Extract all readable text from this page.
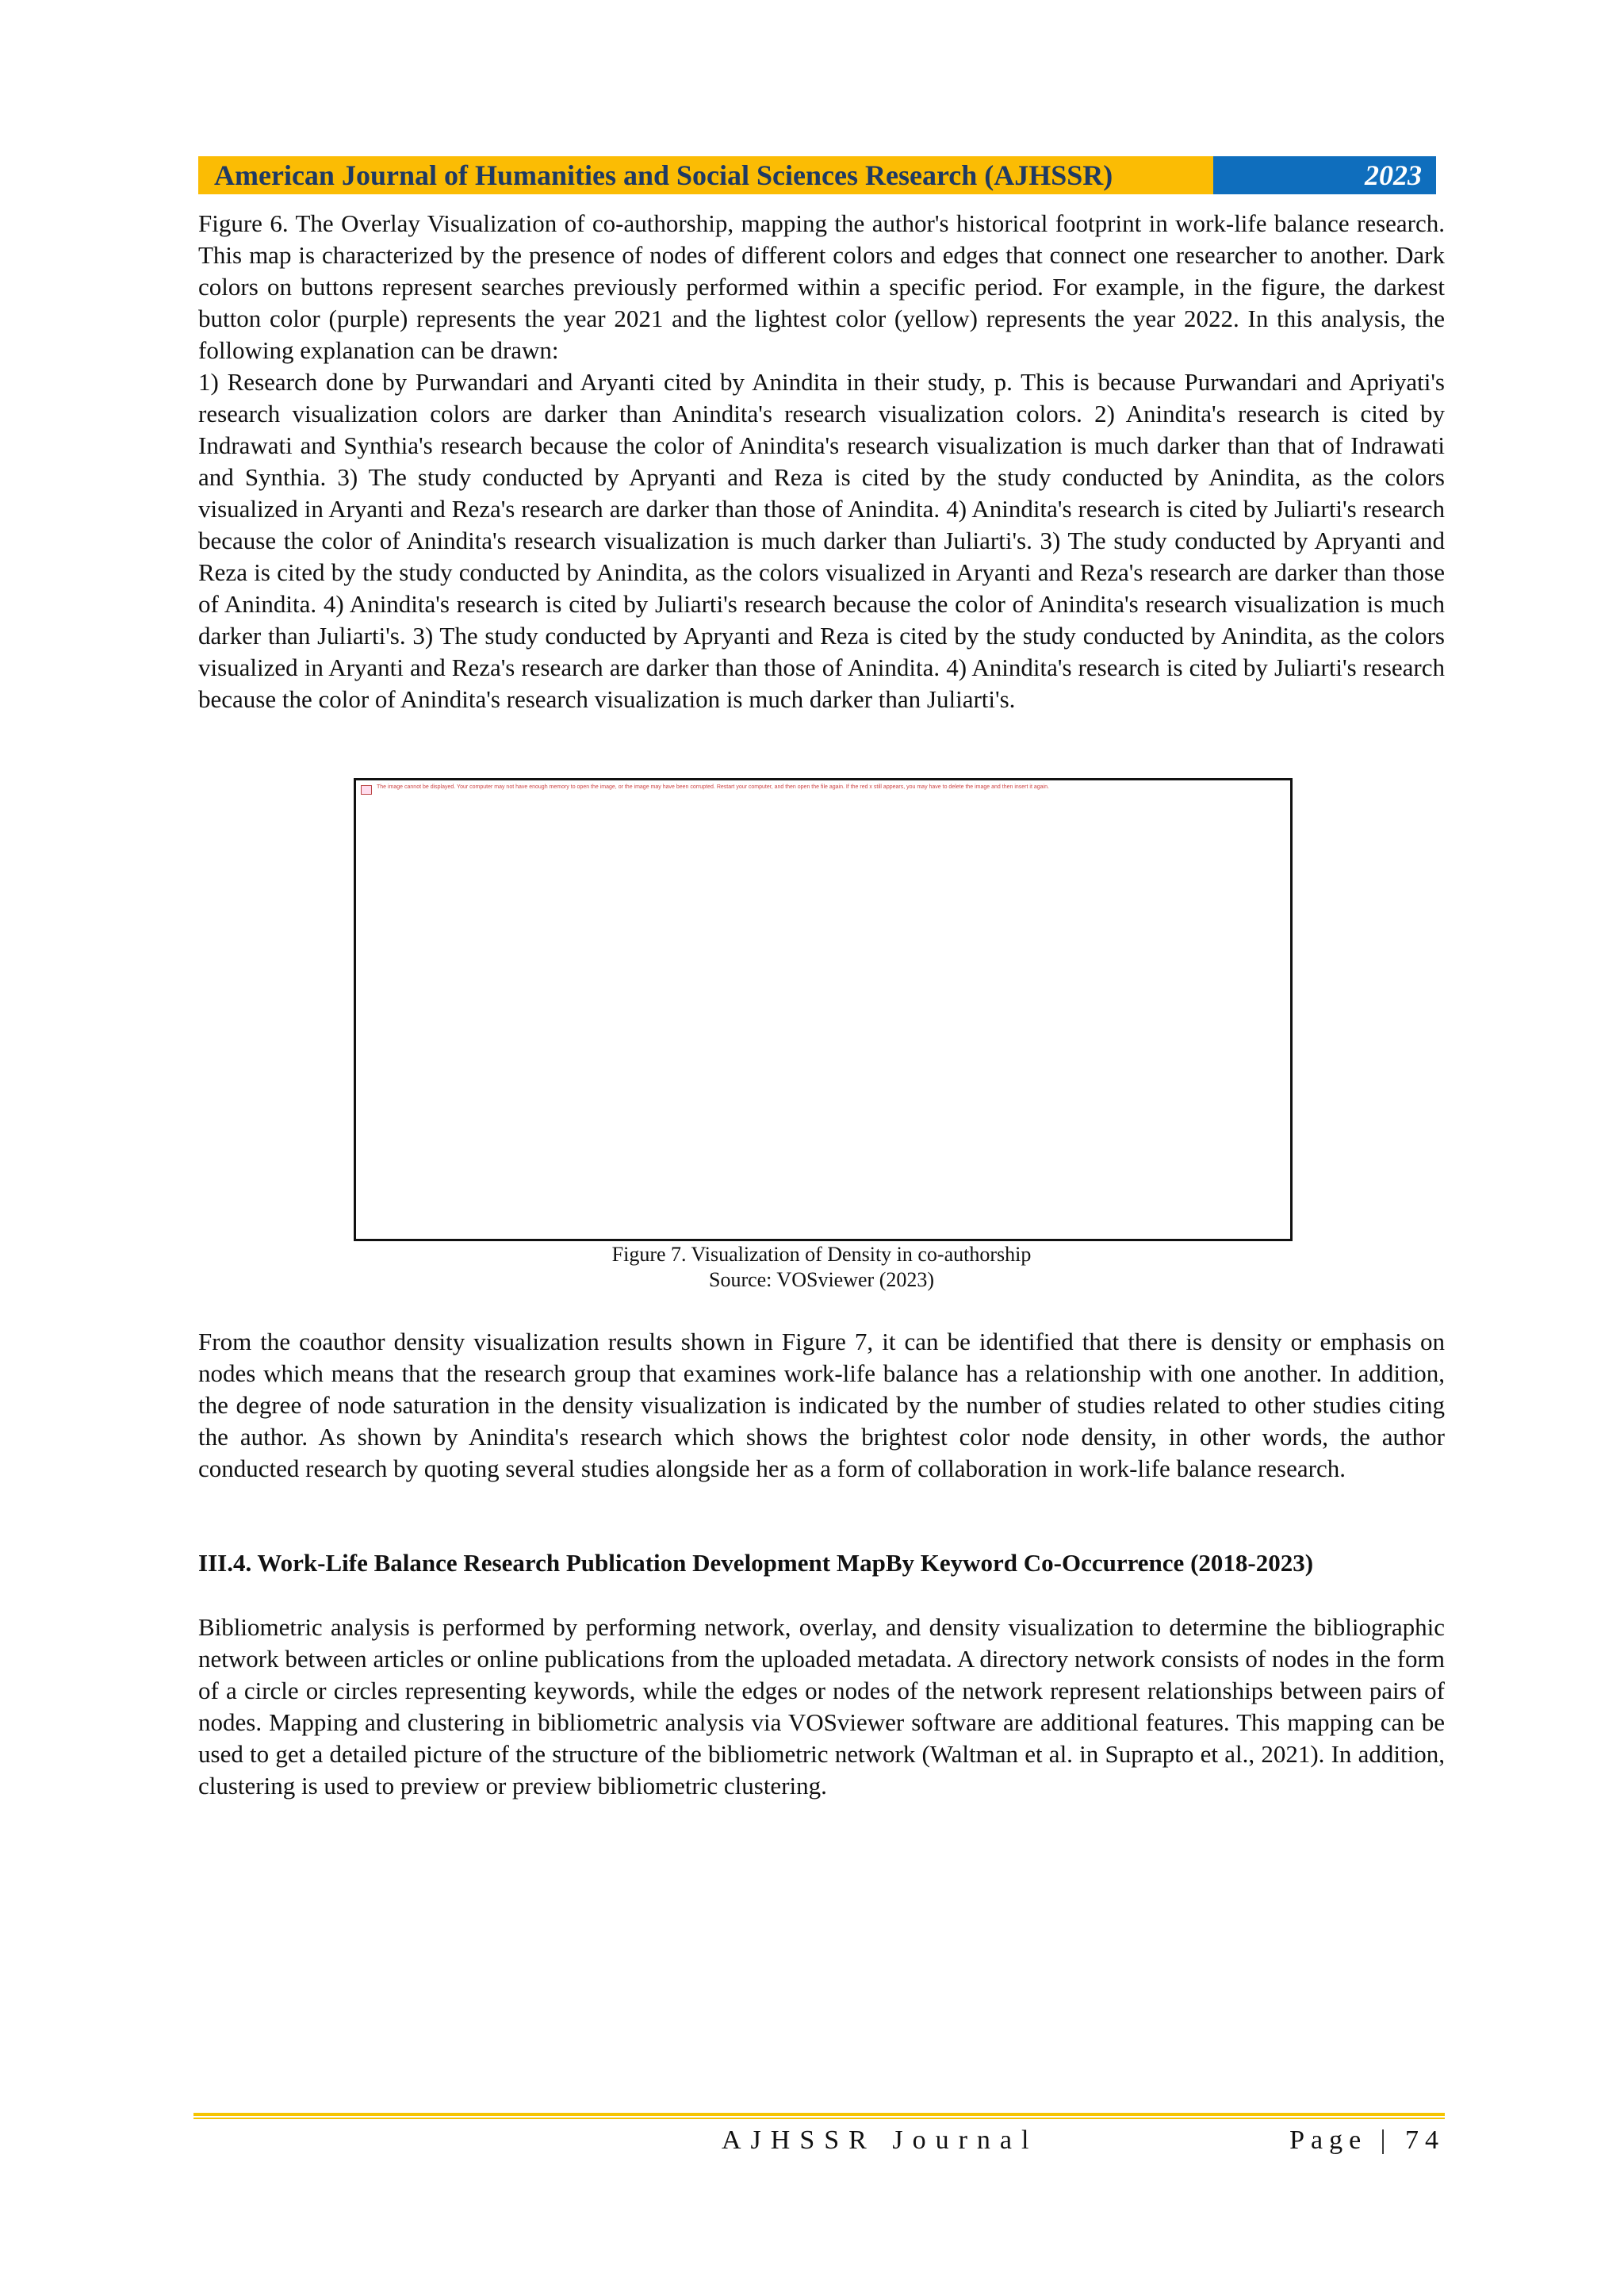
American Journal of Humanities and Social Sciences Research (AJHSSR)	2023

Figure 6. The Overlay Visualization of co-authorship, mapping the author's historical footprint in work-life balance research. This map is characterized by the presence of nodes of different colors and edges that connect one researcher to another. Dark colors on buttons represent searches previously performed within a specific period. For example, in the figure, the darkest button color (purple) represents the year 2021 and the lightest color (yellow) represents the year 2022. In this analysis, the following explanation can be drawn:

1) Research done by Purwandari and Aryanti cited by Anindita in their study, p. This is because Purwandari and Apriyati's research visualization colors are darker than Anindita's research visualization colors. 2) Anindita's research is cited by Indrawati and Synthia's research because the color of Anindita's research visualization is much darker than that of Indrawati and Synthia. 3) The study conducted by Apryanti and Reza is cited by the study conducted by Anindita, as the colors visualized in Aryanti and Reza's research are darker than those of Anindita. 4) Anindita's research is cited by Juliarti's research because the color of Anindita's research visualization is much darker than Juliarti's. 3) The study conducted by Apryanti and Reza is cited by the study conducted by Anindita, as the colors visualized in Aryanti and Reza's research are darker than those of Anindita. 4) Anindita's research is cited by Juliarti's research because the color of Anindita's research visualization is much darker than Juliarti's. 3) The study conducted by Apryanti and Reza is cited by the study conducted by Anindita, as the colors visualized in Aryanti and Reza's research are darker than those of Anindita. 4) Anindita's research is cited by Juliarti's research because the color of Anindita's research visualization is much darker than Juliarti's.

The image cannot be displayed. Your computer may not have enough memory to open the image, or the image may have been corrupted. Restart your computer, and then open the file again. If the red x still appears, you may have to delete the image and then insert it again.
Figure 7. Visualization of Density in co-authorship
Source: VOSviewer (2023)

From the coauthor density visualization results shown in Figure 7, it can be identified that there is density or emphasis on nodes which means that the research group that examines work-life balance has a relationship with one another. In addition, the degree of node saturation in the density visualization is indicated by the number of studies related to other studies citing the author. As shown by Anindita's research which shows the brightest color node density, in other words, the author conducted research by quoting several studies alongside her as a form of collaboration in work-life balance research.

III.4. Work-Life Balance Research Publication Development MapBy Keyword Co-Occurrence (2018-2023)

Bibliometric analysis is performed by performing network, overlay, and density visualization to determine the bibliographic network between articles or online publications from the uploaded metadata. A directory network consists of nodes in the form of a circle or circles representing keywords, while the edges or nodes of the network represent relationships between pairs of nodes. Mapping and clustering in bibliometric analysis via VOSviewer software are additional features. This mapping can be used to get a detailed picture of the structure of the bibliometric network (Waltman et al. in Suprapto et al., 2021). In addition, clustering is used to preview or preview bibliometric clustering.

AJHSSR Journal	Page | 74
